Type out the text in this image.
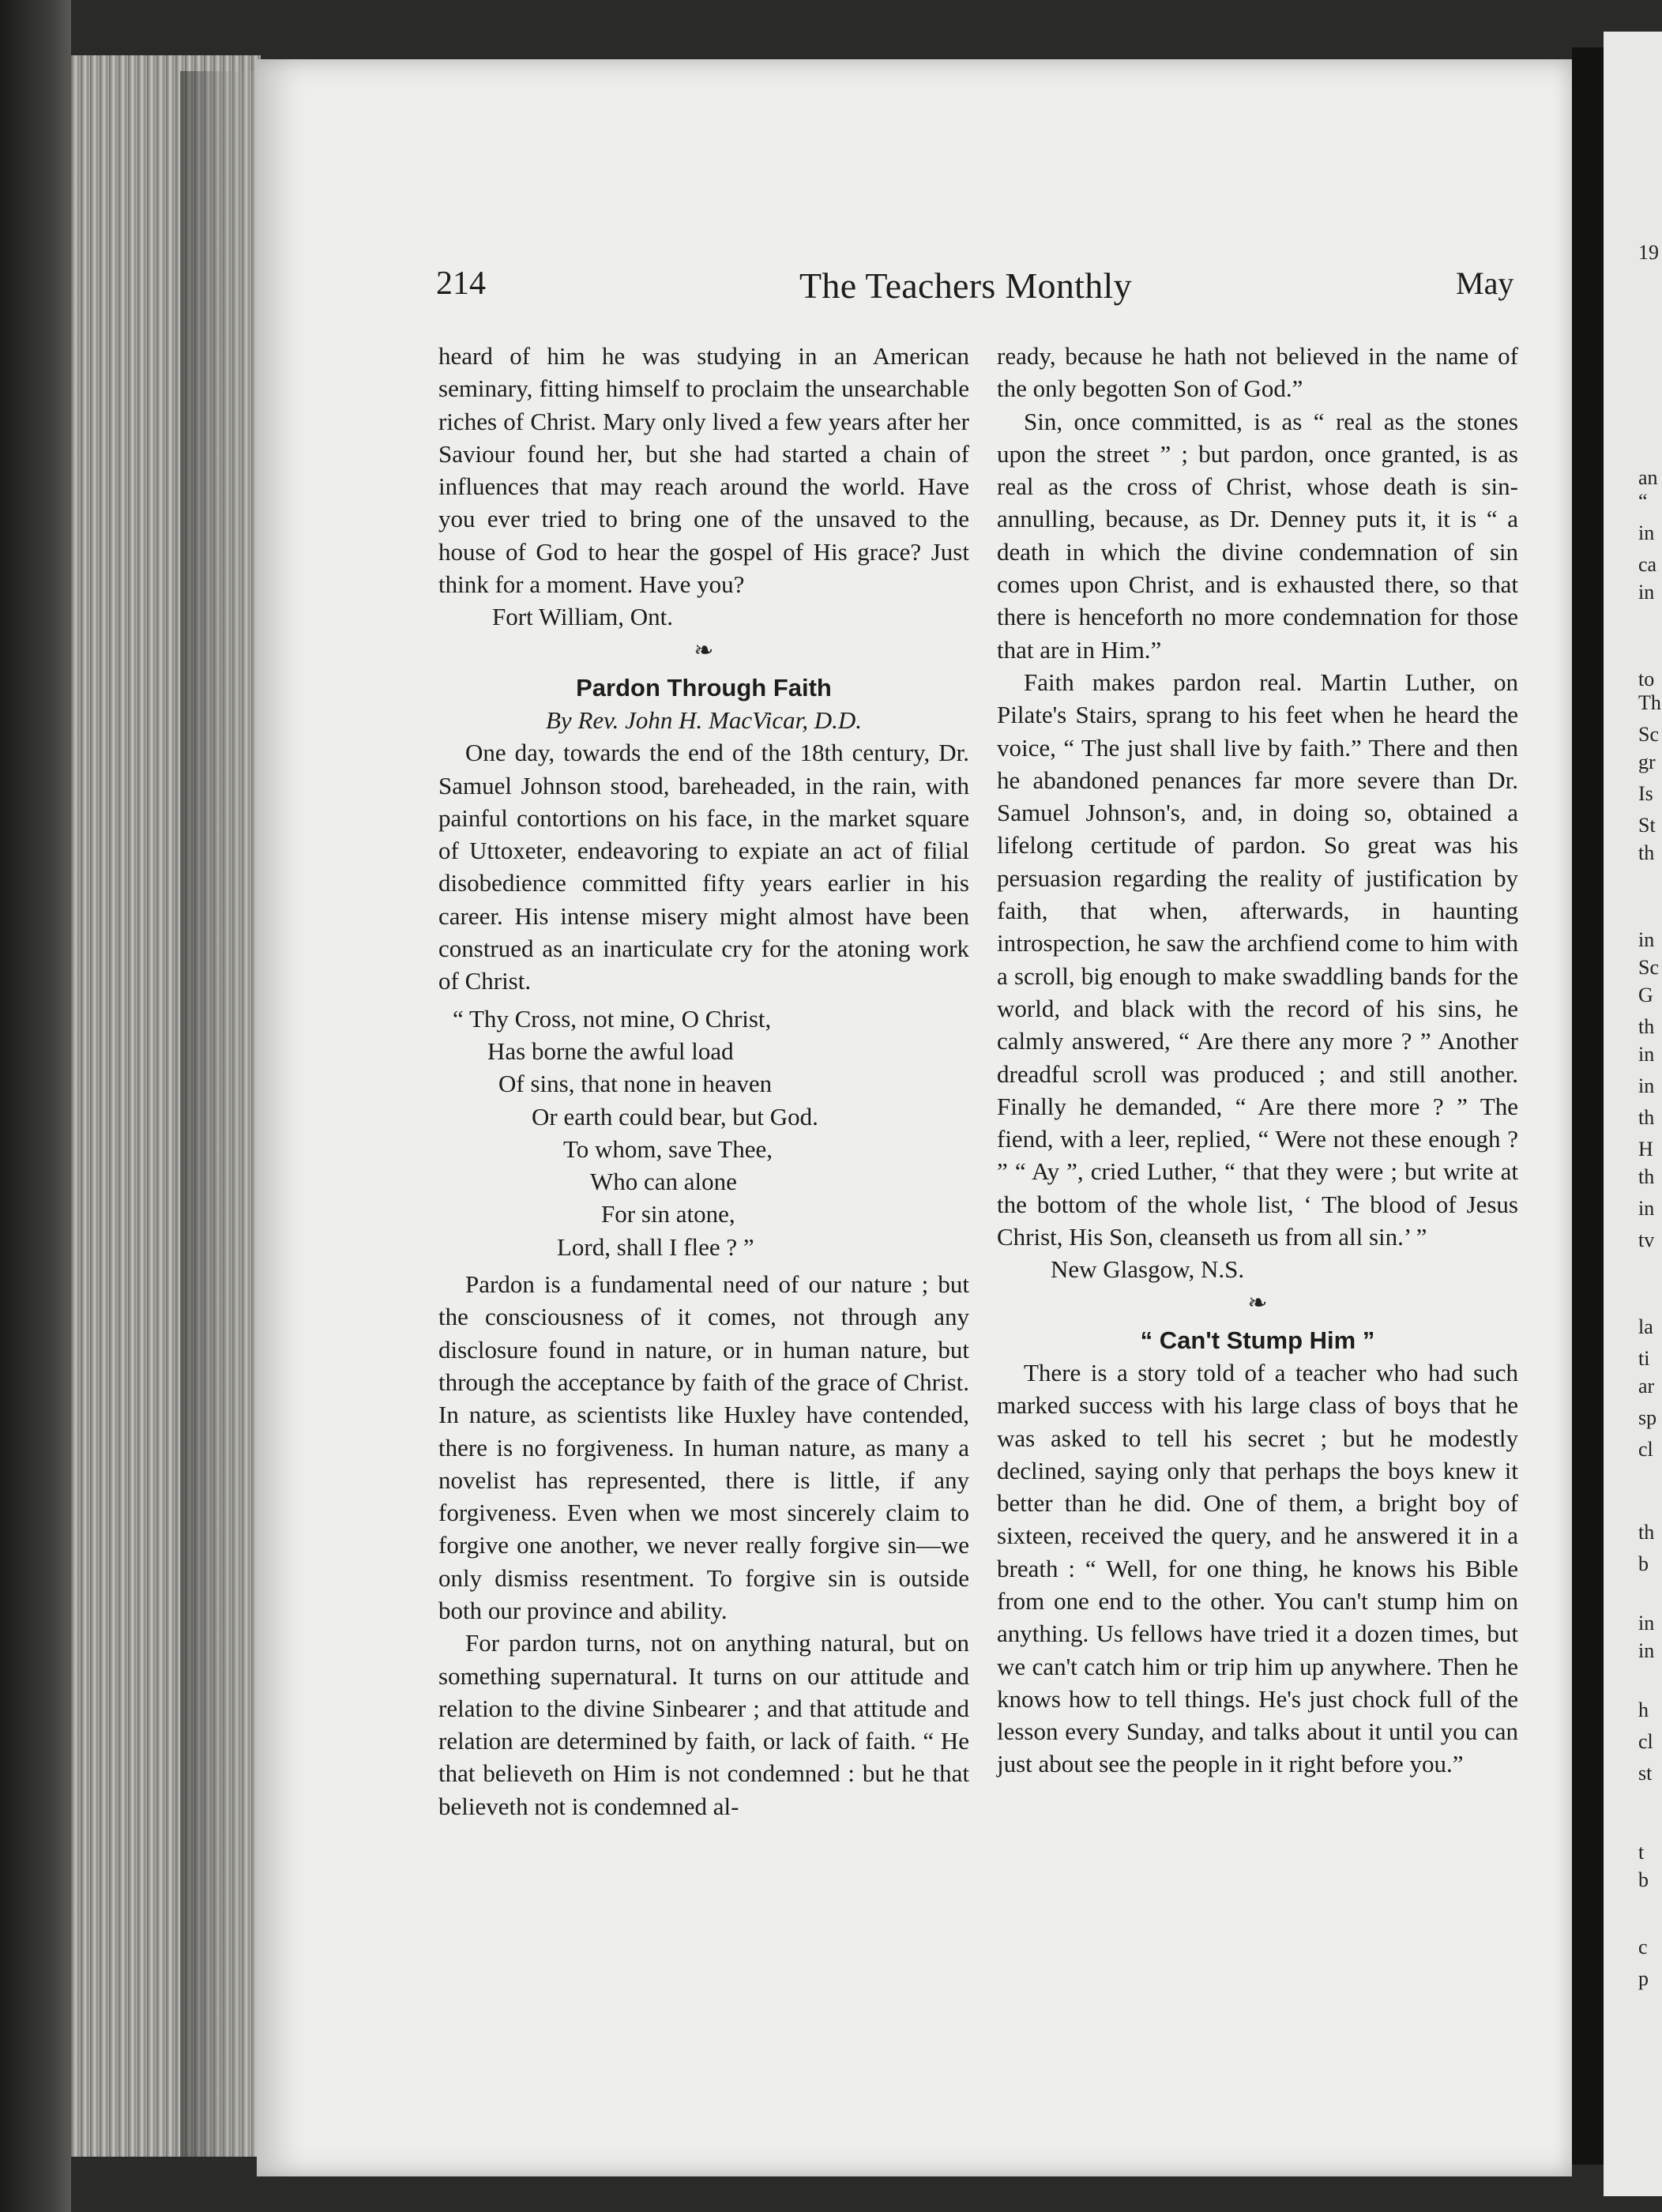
19
an
“
in
ca
in
to
Th
Sc
gr
Is
St
th
in
Sc
G
th
in
in
th
H
th
in
tv
la
ti
ar
sp
cl
th
b
in
in
h
cl
st
t
b
c
p
214	The Teachers Monthly	May

heard of him he was studying in an American seminary, fitting himself to proclaim the unsearchable riches of Christ. Mary only lived a few years after her Saviour found her, but she had started a chain of influences that may reach around the world. Have you ever tried to bring one of the unsaved to the house of God to hear the gospel of His grace? Just think for a moment. Have you?

Fort William, Ont.

❧
Pardon Through Faith
By Rev. John H. MacVicar, D.D.

One day, towards the end of the 18th century, Dr. Samuel Johnson stood, bareheaded, in the rain, with painful contortions on his face, in the market square of Uttoxeter, endeavoring to expiate an act of filial disobedience committed fifty years earlier in his career. His intense misery might almost have been construed as an inarticulate cry for the atoning work of Christ.

“ Thy Cross, not mine, O Christ,
Has borne the awful load
Of sins, that none in heaven
Or earth could bear, but God.
To whom, save Thee,
Who can alone
For sin atone,
Lord, shall I flee ? ”

Pardon is a fundamental need of our nature ; but the consciousness of it comes, not through any disclosure found in nature, or in human nature, but through the acceptance by faith of the grace of Christ. In nature, as scientists like Huxley have contended, there is no forgiveness. In human nature, as many a novelist has represented, there is little, if any forgiveness. Even when we most sincerely claim to forgive one another, we never really forgive sin—we only dismiss resentment. To forgive sin is outside both our province and ability.

For pardon turns, not on anything natural, but on something supernatural. It turns on our attitude and relation to the divine Sinbearer ; and that attitude and relation are determined by faith, or lack of faith. “ He that believeth on Him is not condemned : but he that believeth not is condemned al-

ready, because he hath not believed in the name of the only begotten Son of God.”

Sin, once committed, is as “ real as the stones upon the street ” ; but pardon, once granted, is as real as the cross of Christ, whose death is sin-annulling, because, as Dr. Denney puts it, it is “ a death in which the divine condemnation of sin comes upon Christ, and is exhausted there, so that there is henceforth no more condemnation for those that are in Him.”

Faith makes pardon real. Martin Luther, on Pilate's Stairs, sprang to his feet when he heard the voice, “ The just shall live by faith.” There and then he abandoned penances far more severe than Dr. Samuel Johnson's, and, in doing so, obtained a lifelong certitude of pardon. So great was his persuasion regarding the reality of justification by faith, that when, afterwards, in haunting introspection, he saw the archfiend come to him with a scroll, big enough to make swaddling bands for the world, and black with the record of his sins, he calmly answered, “ Are there any more ? ” Another dreadful scroll was produced ; and still another. Finally he demanded, “ Are there more ? ” The fiend, with a leer, replied, “ Were not these enough ? ” “ Ay ”, cried Luther, “ that they were ; but write at the bottom of the whole list, ‘ The blood of Jesus Christ, His Son, cleanseth us from all sin.’ ”

New Glasgow, N.S.

❧
“ Can't Stump Him ”

There is a story told of a teacher who had such marked success with his large class of boys that he was asked to tell his secret ; but he modestly declined, saying only that perhaps the boys knew it better than he did. One of them, a bright boy of sixteen, received the query, and he answered it in a breath : “ Well, for one thing, he knows his Bible from one end to the other. You can't stump him on anything. Us fellows have tried it a dozen times, but we can't catch him or trip him up anywhere. Then he knows how to tell things. He's just chock full of the lesson every Sunday, and talks about it until you can just about see the people in it right before you.”
